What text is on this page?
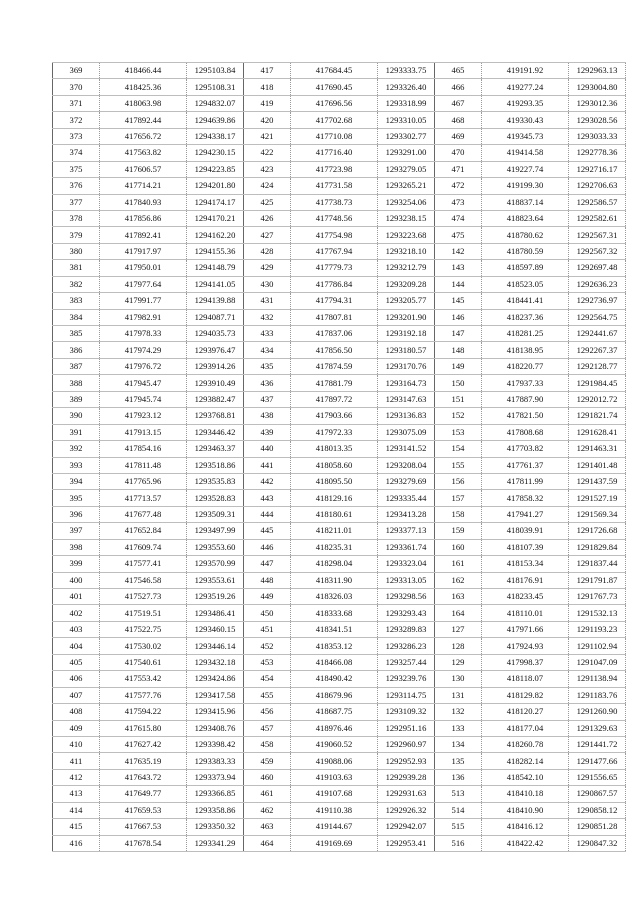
369	418466.44	1295103.84	417	417684.45	1293333.75	465	419191.92	1292963.13
370	418425.36	1295108.31	418	417690.45	1293326.40	466	419277.24	1293004.80
371	418063.98	1294832.07	419	417696.56	1293318.99	467	419293.35	1293012.36
372	417892.44	1294639.86	420	417702.68	1293310.05	468	419330.43	1293028.56
373	417656.72	1294338.17	421	417710.08	1293302.77	469	419345.73	1293033.33
374	417563.82	1294230.15	422	417716.40	1293291.00	470	419414.58	1292778.36
375	417606.57	1294223.85	423	417723.98	1293279.05	471	419227.74	1292716.17
376	417714.21	1294201.80	424	417731.58	1293265.21	472	419199.30	1292706.63
377	417840.93	1294174.17	425	417738.73	1293254.06	473	418837.14	1292586.57
378	417856.86	1294170.21	426	417748.56	1293238.15	474	418823.64	1292582.61
379	417892.41	1294162.20	427	417754.98	1293223.68	475	418780.62	1292567.31
380	417917.97	1294155.36	428	417767.94	1293218.10	142	418780.59	1292567.32
381	417950.01	1294148.79	429	417779.73	1293212.79	143	418597.89	1292697.48
382	417977.64	1294141.05	430	417786.84	1293209.28	144	418523.05	1292636.23
383	417991.77	1294139.88	431	417794.31	1293205.77	145	418441.41	1292736.97
384	417982.91	1294087.71	432	417807.81	1293201.90	146	418237.36	1292564.75
385	417978.33	1294035.73	433	417837.06	1293192.18	147	418281.25	1292441.67
386	417974.29	1293976.47	434	417856.50	1293180.57	148	418138.95	1292267.37
387	417976.72	1293914.26	435	417874.59	1293170.76	149	418220.77	1292128.77
388	417945.47	1293910.49	436	417881.79	1293164.73	150	417937.33	1291984.45
389	417945.74	1293882.47	437	417897.72	1293147.63	151	417887.90	1292012.72
390	417923.12	1293768.81	438	417903.66	1293136.83	152	417821.50	1291821.74
391	417913.15	1293446.42	439	417972.33	1293075.09	153	417808.68	1291628.41
392	417854.16	1293463.37	440	418013.35	1293141.52	154	417703.82	1291463.31
393	417811.48	1293518.86	441	418058.60	1293208.04	155	417761.37	1291401.48
394	417765.96	1293535.83	442	418095.50	1293279.69	156	417811.99	1291437.59
395	417713.57	1293528.83	443	418129.16	1293335.44	157	417858.32	1291527.19
396	417677.48	1293509.31	444	418180.61	1293413.28	158	417941.27	1291569.34
397	417652.84	1293497.99	445	418211.01	1293377.13	159	418039.91	1291726.68
398	417609.74	1293553.60	446	418235.31	1293361.74	160	418107.39	1291829.84
399	417577.41	1293570.99	447	418298.04	1293323.04	161	418153.34	1291837.44
400	417546.58	1293553.61	448	418311.90	1293313.05	162	418176.91	1291791.87
401	417527.73	1293519.26	449	418326.03	1293298.56	163	418233.45	1291767.73
402	417519.51	1293486.41	450	418333.68	1293293.43	164	418110.01	1291532.13
403	417522.75	1293460.15	451	418341.51	1293289.83	127	417971.66	1291193.23
404	417530.02	1293446.14	452	418353.12	1293286.23	128	417924.93	1291102.94
405	417540.61	1293432.18	453	418466.08	1293257.44	129	417998.37	1291047.09
406	417553.42	1293424.86	454	418490.42	1293239.76	130	418118.07	1291138.94
407	417577.76	1293417.58	455	418679.96	1293114.75	131	418129.82	1291183.76
408	417594.22	1293415.96	456	418687.75	1293109.32	132	418120.27	1291260.90
409	417615.80	1293408.76	457	418976.46	1292951.16	133	418177.04	1291329.63
410	417627.42	1293398.42	458	419060.52	1292960.97	134	418260.78	1291441.72
411	417635.19	1293383.33	459	419088.06	1292952.93	135	418282.14	1291477.66
412	417643.72	1293373.94	460	419103.63	1292939.28	136	418542.10	1291556.65
413	417649.77	1293366.85	461	419107.68	1292931.63	513	418410.18	1290867.57
414	417659.53	1293358.86	462	419110.38	1292926.32	514	418410.90	1290858.12
415	417667.53	1293350.32	463	419144.67	1292942.07	515	418416.12	1290851.28
416	417678.54	1293341.29	464	419169.69	1292953.41	516	418422.42	1290847.32
